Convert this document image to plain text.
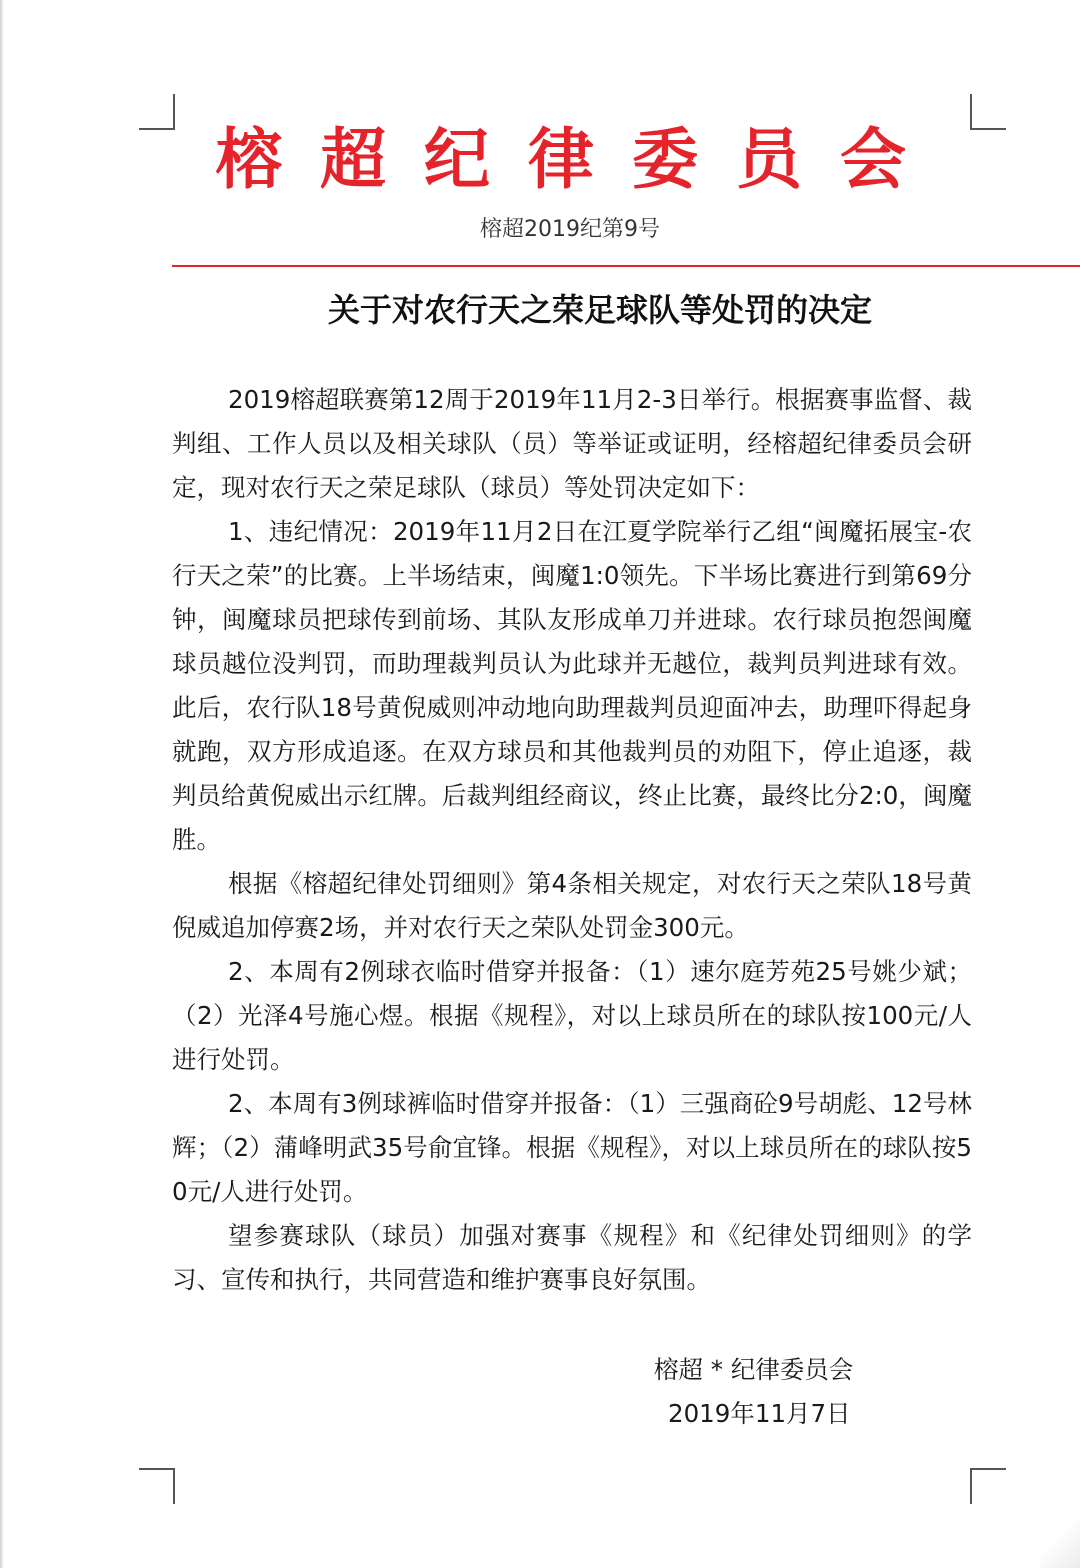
榕超纪律委员会
榕超2019纪第9号
关于对农行天之荣足球队等处罚的决定

2019榕超联赛第12周于2019年11月2-3日举行。根据赛事监督、裁判组、工作人员以及相关球队（员）等举证或证明，经榕超纪律委员会研定，现对农行天之荣足球队（球员）等处罚决定如下：

1、违纪情况：2019年11月2日在江夏学院举行乙组“闽魔拓展宝-农行天之荣”的比赛。上半场结束，闽魔1:0领先。下半场比赛进行到第69分钟，闽魔球员把球传到前场、其队友形成单刀并进球。农行球员抱怨闽魔球员越位没判罚，而助理裁判员认为此球并无越位，裁判员判进球有效。此后，农行队18号黄倪威则冲动地向助理裁判员迎面冲去，助理吓得起身就跑，双方形成追逐。在双方球员和其他裁判员的劝阻下，停止追逐，裁判员给黄倪威出示红牌。后裁判组经商议，终止比赛，最终比分2:0，闽魔胜。

根据《榕超纪律处罚细则》第4条相关规定，对农行天之荣队18号黄倪威追加停赛2场，并对农行天之荣队处罚金300元。

2、本周有2例球衣临时借穿并报备：（1）速尔庭芳苑25号姚少斌；（2）光泽4号施心煜。根据《规程》，对以上球员所在的球队按100元/人进行处罚。

2、本周有3例球裤临时借穿并报备：（1）三强商砼9号胡彪、12号林辉；（2）蒲峰明武35号俞宜锋。根据《规程》，对以上球员所在的球队按50元/人进行处罚。

望参赛球队（球员）加强对赛事《规程》和《纪律处罚细则》的学习、宣传和执行，共同营造和维护赛事良好氛围。

榕超 * 纪律委员会
2019年11月7日
